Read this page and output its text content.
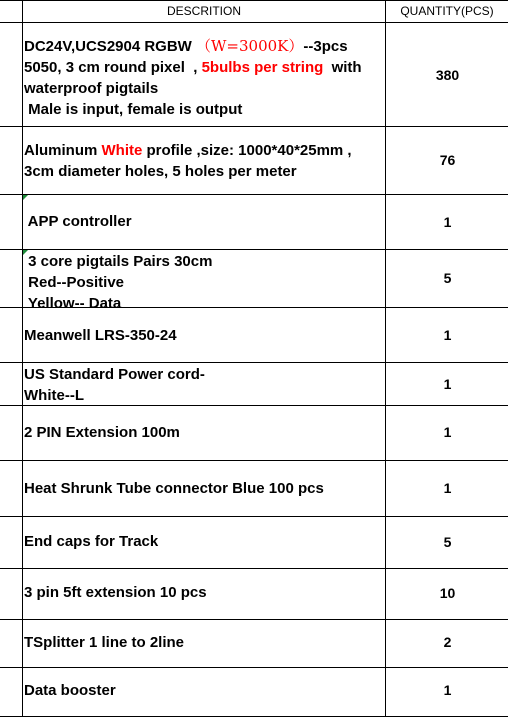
DESCRITION	QUANTITY(PCS)
DC24V,UCS2904 RGBW （W=3000K）--3pcs
5050, 3 cm round pixel  , 5bulbs per string  with
waterproof pigtails
Male is input, female is output
Aluminum White profile ,size: 1000*40*25mm ,
3cm diameter holes, 5 holes per meter
APP controller
3 core pigtails Pairs 30cm
Red--Positive
Yellow-- Data
Meanwell LRS-350-24
US Standard Power cord-
White--L
2 PIN Extension 100m
Heat Shrunk Tube connector Blue 100 pcs
End caps for Track
3 pin 5ft extension 10 pcs
TSplitter 1 line to 2line
Data booster
380
76
1
5
1
1
1
1
5
10
2
1
